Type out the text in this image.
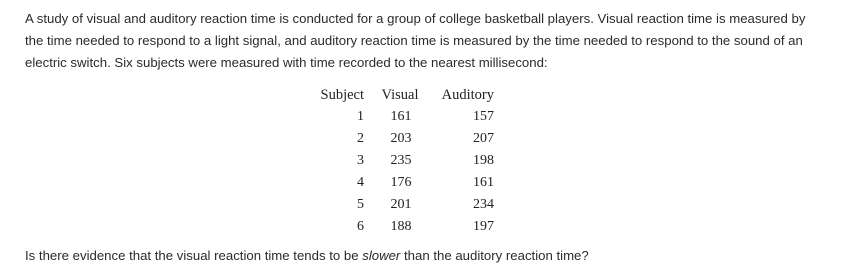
A study of visual and auditory reaction time is conducted for a group of college basketball players. Visual reaction time is measured by
the time needed to respond to a light signal, and auditory reaction time is measured by the time needed to respond to the sound of an
electric switch. Six subjects were measured with time recorded to the nearest millisecond:
Subject	Visual	Auditory
1	161	157
2	203	207
3	235	198
4	176	161
5	201	234
6	188	197

Is there evidence that the visual reaction time tends to be slower than the auditory reaction time?
